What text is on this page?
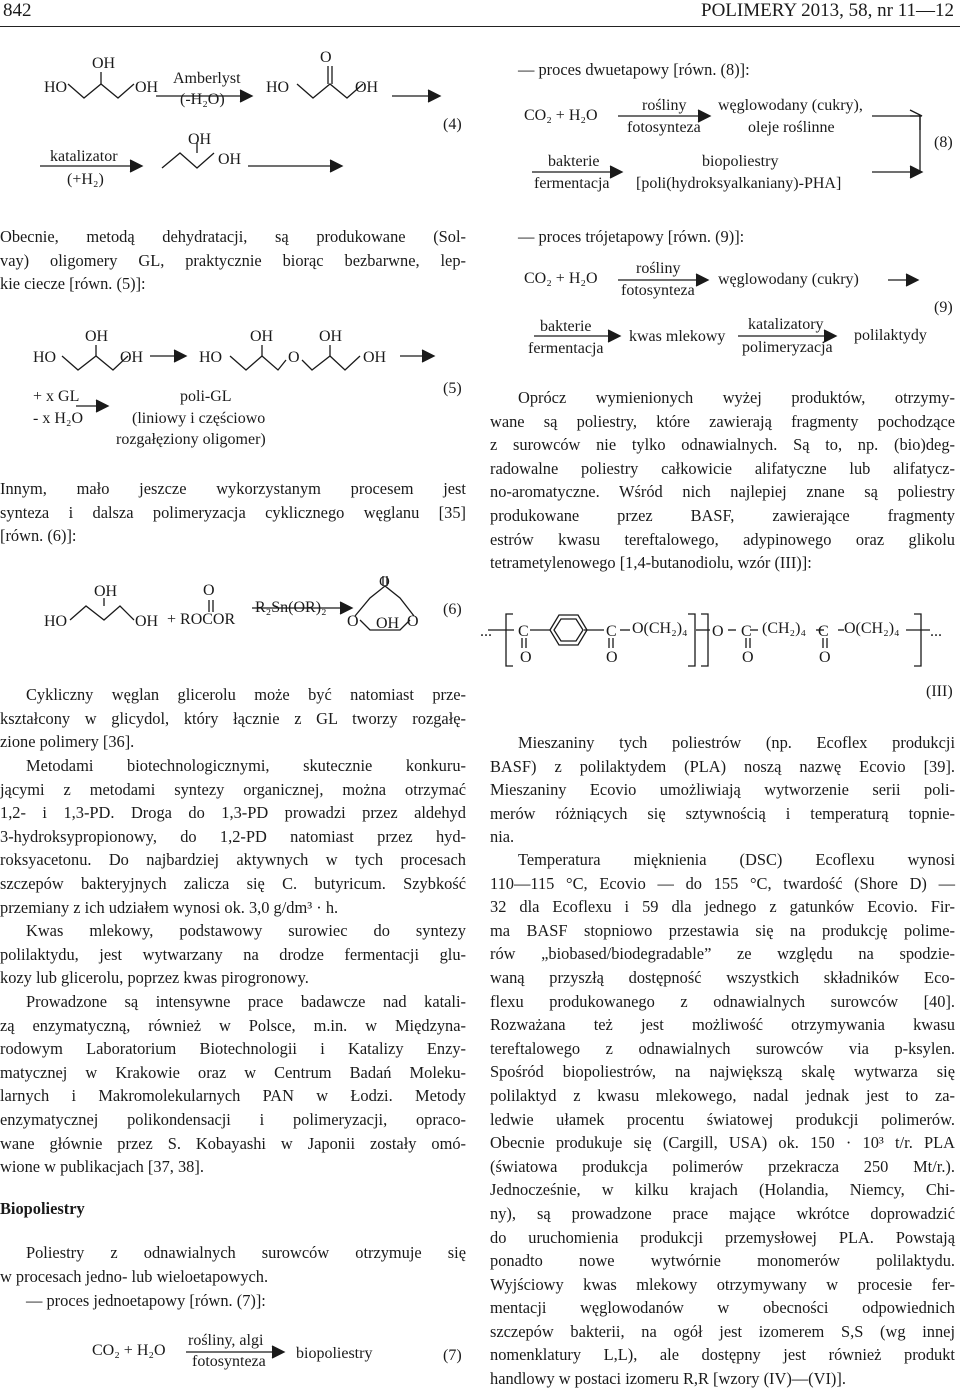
842	POLIMERY 2013, 58, nr 11—12
HO
OH
OH	HO
O
OH
OH
OH
Amberlyst
(-H₂O)
katalizator
(+H₂)
(4)

Obecnie, metodą dehydratacji, są produkowane (Sol-
vay) oligomery GL, praktycznie biorąc bezbarwne, lep-
kie ciecze [równ. (5)]:

HO
OH
OH	HO
OH
O
OH
OH
+ x GL
- x H₂O
poli-GL
(liniowy i częściowo
rozgałęziony oligomer)
(5)

Innym, mało jeszcze wykorzystanym procesem jest
synteza i dalsza polimeryzacja cyklicznego węglanu [35]
[równ. (6)]:

HO
OH
OH
O	O
O	O
OH
+ ROCOR
R₂Sn(OR)₂	(6)

Cykliczny węglan glicerolu może być natomiast prze-
kształcony w glicydol, który łącznie z GL tworzy rozgałę-
zione polimery [36].

Metodami biotechnologicznymi, skutecznie konkuru-
jącymi z metodami syntezy organicznej, można otrzymać
1,2- i 1,3-PD. Droga do 1,3-PD prowadzi przez aldehyd
3-hydroksypropionowy, do 1,2-PD natomiast przez hyd-
roksyacetonu. Do najbardziej aktywnych w tych procesach
szczepów bakteryjnych zalicza się C. butyricum. Szybkość
przemiany z ich udziałem wynosi ok. 3,0 g/dm³ · h.

Kwas mlekowy, podstawowy surowiec do syntezy
polilaktydu, jest wytwarzany na drodze fermentacji glu-
kozy lub glicerolu, poprzez kwas pirogronowy.

Prowadzone są intensywne prace badawcze nad katali-
zą enzymatyczną, również w Polsce, m.in. w Międzyna-
rodowym Laboratorium Biotechnologii i Katalizy Enzy-
matycznej w Krakowie oraz w Centrum Badań Moleku-
larnych i Makromolekularnych PAN w Łodzi. Metody
enzymatycznej polikondensacji i polimeryzacji, opraco-
wane głównie przez S. Kobayashi w Japonii zostały omó-
wione w publikacjach [37, 38].

Biopoliestry

Poliestry z odnawialnych surowców otrzymuje się
w procesach jedno- lub wieloetapowych.

— proces jednoetapowy [równ. (7)]:
CO₂ + H₂O
rośliny, algi
fotosynteza biopoliestry	(7)
— proces dwuetapowy [równ. (8)]:
CO₂ + H₂O
rośliny
fotosynteza
węglowodany (cukry),
oleje roślinne
bakterie
fermentacja
biopoliestry
[poli(hydroksyalkaniany)-PHA]
(8)
— proces trójetapowy [równ. (9)]:
CO₂ + H₂O
rośliny
fotosynteza
węglowodany (cukry)
bakterie
fermentacja
kwas mlekowy
katalizatory
polimeryzacja
polilaktydy
(9)

Oprócz wymienionych wyżej produktów, otrzymy-
wane są poliestry, które zawierają fragmenty pochodzące
z surowców nie tylko odnawialnych. Są to, np. (bio)deg-
radowalne poliestry całkowicie alifatyczne lub alifatycz-
no-aromatyczne. Wśród nich najlepiej znane są poliestry
produkowane przez BASF, zawierające fragmenty
estrów kwasu tereftalowego, adypinowego oraz glikolu
tetrametylenowego [1,4-butanodiolu, wzór (III)]:

... C
O
C
O
C
O
C
O
O	...
O(CH₂)₄	(CH₂)₄ O(CH₂)₄
(III)

Mieszaniny tych poliestrów (np. Ecoflex produkcji
BASF) z polilaktydem (PLA) noszą nazwę Ecovio [39].
Mieszaniny Ecovio umożliwiają wytworzenie serii poli-
merów różniących się sztywnością i temperaturą topnie-
nia.

Temperatura mięknienia (DSC) Ecoflexu wynosi
110—115 °C, Ecovio — do 155 °C, twardość (Shore D) —
32 dla Ecoflexu i 59 dla jednego z gatunków Ecovio. Fir-
ma BASF stopniowo przestawia się na produkcję polime-
rów „biobased/biodegradable” ze względu na spodzie-
waną przyszłą dostępność wszystkich składników Eco-
flexu produkowanego z odnawialnych surowców [40].
Rozważana też jest możliwość otrzymywania kwasu
tereftalowego z odnawialnych surowców via p-ksylen.
Spośród biopoliestrów, na największą skalę wytwarza się
polilaktyd z kwasu mlekowego, nadal jednak jest to za-
ledwie ułamek procentu światowej produkcji polimerów.
Obecnie produkuje się (Cargill, USA) ok. 150 · 10³ t/r. PLA
(światowa produkcja polimerów przekracza 250 Mt/r.).
Jednocześnie, w kilku krajach (Holandia, Niemcy, Chi-
ny), są prowadzone prace mające wkrótce doprowadzić
do uruchomienia produkcji przemysłowej PLA. Powstają
ponadto nowe wytwórnie monomerów polilaktydu.
Wyjściowy kwas mlekowy otrzymywany w procesie fer-
mentacji węglowodanów w obecności odpowiednich
szczepów bakterii, na ogół jest izomerem S,S (wg innej
nomenklatury L,L), ale dostępny jest również produkt
handlowy w postaci izomeru R,R [wzory (IV)—(VI)].
